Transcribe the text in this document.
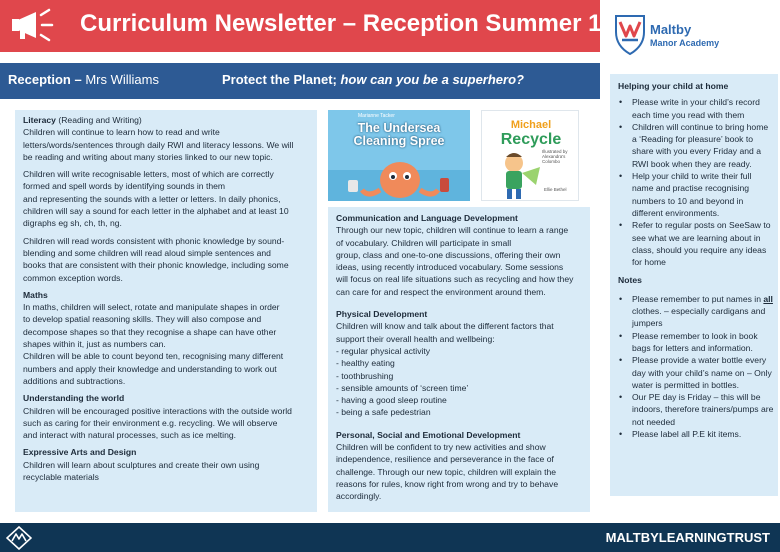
Curriculum Newsletter – Reception Summer 1	Maltby
Manor Academy
Reception – Mrs Williams	Protect the Planet; how can you be a superhero?
Literacy (Reading and Writing)
Children will continue to learn how to read and write
letters/words/sentences through daily RWI and literacy lessons. We will
be reading and writing about many stories linked to our new topic.
Children will write recognisable letters, most of which are correctly
formed and spell words by identifying sounds in them
and representing the sounds with a letter or letters. In daily phonics,
children will say a sound for each letter in the alphabet and at least 10
digraphs eg sh, ch, th, ng.
Children will read words consistent with phonic knowledge by sound-
blending and some children will read aloud simple sentences and
books that are consistent with their phonic knowledge, including some
common exception words.
Maths
In maths, children will select, rotate and manipulate shapes in order
to develop spatial reasoning skills. They will also compose and
decompose shapes so that they recognise a shape can have other
shapes within it, just as numbers can.
Children will be able to count beyond ten, recognising many different
numbers and apply their knowledge and understanding to work out
additions and subtractions.
Understanding the world
Children will be encouraged positive interactions with the outside world
such as caring for their environment e.g. recycling. We will observe
and interact with natural processes, such as ice melting.
Expressive Arts and Design
Children will learn about sculptures and create their own using
recyclable materials
Marianne Tacker
The Undersea Cleaning Spree
Michael
Recycle
Illustrated by Alexandra's Colombo
Ellie Bethel
Communication and Language Development
Through our new topic, children will continue to learn a range
of vocabulary. Children will participate in small
group, class and one-to-one discussions, offering their own
ideas, using recently introduced vocabulary. Some sessions
will focus on real life situations such as recycling and how they
can care for and respect the environment around them.
Physical Development
Children will know and talk about the different factors that
support their overall health and wellbeing:
- regular physical activity
- healthy eating
- toothbrushing
- sensible amounts of ‘screen time’
- having a good sleep routine
- being a safe pedestrian
Personal, Social and Emotional Development
Children will be confident to try new activities and show
independence, resilience and perseverance in the face of
challenge. Through our new topic, children will explain the
reasons for rules, know right from wrong and try to behave
accordingly.
Helping your child at home
• Please write in your child’s record each time you read with them
• Children will continue to bring home a ‘Reading for pleasure’ book to share with you every Friday and a RWI book when they are ready.
• Help your child to write their full name and practise recognising numbers to 10 and beyond in different environments.
• Refer to regular posts on SeeSaw to see what we are learning about in class, should you require any ideas for home
Notes
• Please remember to put names in all clothes. – especially cardigans and jumpers
• Please remember to look in book bags for letters and information.
• Please provide a water bottle every day with your child’s name on – Only water is permitted in bottles.
• Our PE day is Friday – this will be indoors, therefore trainers/pumps are not needed
• Please label all P.E kit items.
MALTBYLEARNINGTRUST
